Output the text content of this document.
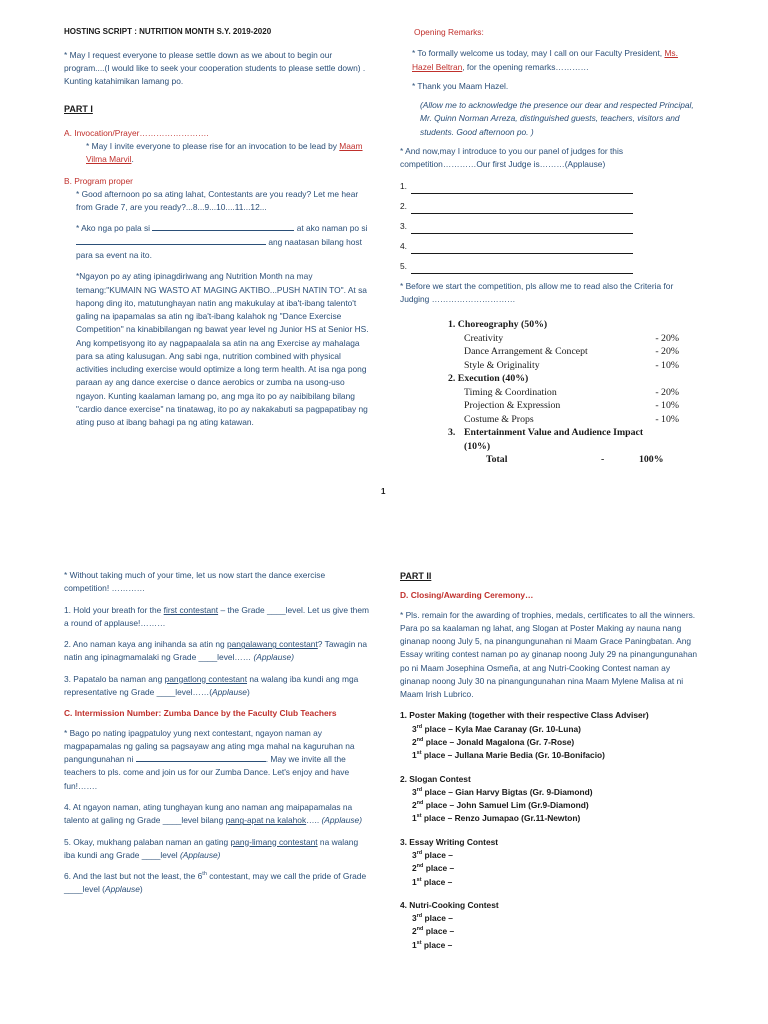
HOSTING SCRIPT : NUTRITION MONTH S.Y. 2019-2020

* May I request everyone to please settle down as we about to begin our program....(I would like to seek your cooperation students to please settle down) . Kunting katahimikan lamang po.

PART I

A. Invocation/Prayer…………………….

* May I invite everyone to please rise for an invocation to be lead by Maam Vilma Marvil.

B. Program proper

* Good afternoon po sa ating lahat, Contestants are you ready? Let me hear from Grade 7, are you ready?...8...9...10....11...12...

* Ako nga po pala si	at ako naman po si  ang naatasan bilang host para sa event na ito.

*Ngayon po ay ating ipinagdiriwang ang Nutrition Month na may temang:"KUMAIN NG WASTO AT MAGING AKTIBO...PUSH NATIN TO". At sa hapong ding ito, matutunghayan natin ang makukulay at iba't-ibang talento't galing na ipapamalas sa atin ng iba't-ibang kalahok ng "Dance Exercise Competition" na kinabibilangan ng bawat year level ng Junior HS at Senior HS. Ang kompetisyong ito ay nagpapaalala sa atin na ang Exercise ay mahalaga para sa ating kalusugan. Ang sabi nga, nutrition combined with physical activities including exercise would optimize a long term health. At isa nga pong paraan ay ang dance exercise o dance aerobics or zumba na usong-uso ngayon. Kunting kaalaman lamang po, ang mga ito po ay naibibilang bilang "cardio dance exercise" na tinatawag, ito po ay nakakabuti sa pagpapatibay ng ating puso at ibang bahagi pa ng ating katawan.

Opening Remarks:

* To formally welcome us today, may I call on our Faculty President, Ms. Hazel Beltran, for the opening remarks…………

* Thank you Maam Hazel.

(Allow me to acknowledge the presence our dear and respected Principal, Mr. Quinn Norman Arreza, distinguished guests, teachers, visitors and students. Good afternoon po. )

* And now,may I introduce to you our panel of judges for this competition…………Our first Judge is………(Applause)

1.
2.
3.
4.
5.

* Before we start the competition, pls allow me to read also the Criteria for Judging …………………………

1. Choreography (50%)
Creativity	- 20%
Dance Arrangement & Concept	- 20%
Style & Originality	- 10%
2. Execution (40%)
Timing & Coordination	- 20%
Projection & Expression	- 10%
Costume & Props	- 10%
3. Entertainment Value and Audience Impact
(10%)
Total	-	100%
1

* Without taking much of your time, let us now start the dance exercise competition! …………

1. Hold your breath for the first contestant – the Grade ____level. Let us give them a round of applause!………

2. Ano naman kaya ang inihanda sa atin ng pangalawang contestant? Tawagin na natin ang ipinagmamalaki ng Grade ____level…… (Applause)

3. Papatalo ba naman ang pangatlong contestant na walang iba kundi ang mga representative ng Grade ____level……(Applause)

C. Intermission Number: Zumba Dance by the Faculty Club Teachers

* Bago po nating ipagpatuloy yung next contestant, ngayon naman ay magpapamalas ng galing sa pagsayaw ang ating mga mahal na kaguruhan na pangungunahan ni	. May we invite all the teachers to pls. come and join us for our Zumba Dance. Let's enjoy and have fun!…….

4. At ngayon naman, ating tunghayan kung ano naman ang maipapamalas na talento at galing ng Grade ____level bilang pang-apat na kalahok….. (Applause)

5. Okay, mukhang palaban naman an gating pang-limang contestant na walang iba kundi ang Grade ____level (Applause)

6. And the last but not the least, the 6th contestant, may we call the pride of Grade ____level (Applause)

PART II

D. Closing/Awarding Ceremony…

* Pls. remain for the awarding of trophies, medals, certificates to all the winners. Para po sa kaalaman ng lahat, ang Slogan at Poster Making ay nauna nang ginanap noong July 5, na pinangungunahan ni Maam Grace Paningbatan. Ang Essay writing contest naman po ay ginanap noong July 29 na pinangungunahan po ni Maam Josephina Osmeña, at ang Nutri-Cooking Contest naman ay ginanap noong July 30 na pinangungunahan nina Maam Mylene Malisa at ni Maam Irish Lubrico.

1. Poster Making (together with their respective Class Adviser)

3rd place – Kyla Mae Caranay (Gr. 10-Luna)

2nd place – Jonald Magalona (Gr. 7-Rose)

1st place – Jullana Marie Bedia (Gr. 10-Bonifacio)

2. Slogan Contest

3rd place – Gian Harvy Bigtas (Gr. 9-Diamond)

2nd place – John Samuel Lim (Gr.9-Diamond)

1st place – Renzo Jumapao (Gr.11-Newton)

3. Essay Writing Contest

3rd place –

2nd place –

1st place –

4. Nutri-Cooking Contest

3rd place –

2nd place –

1st place –
